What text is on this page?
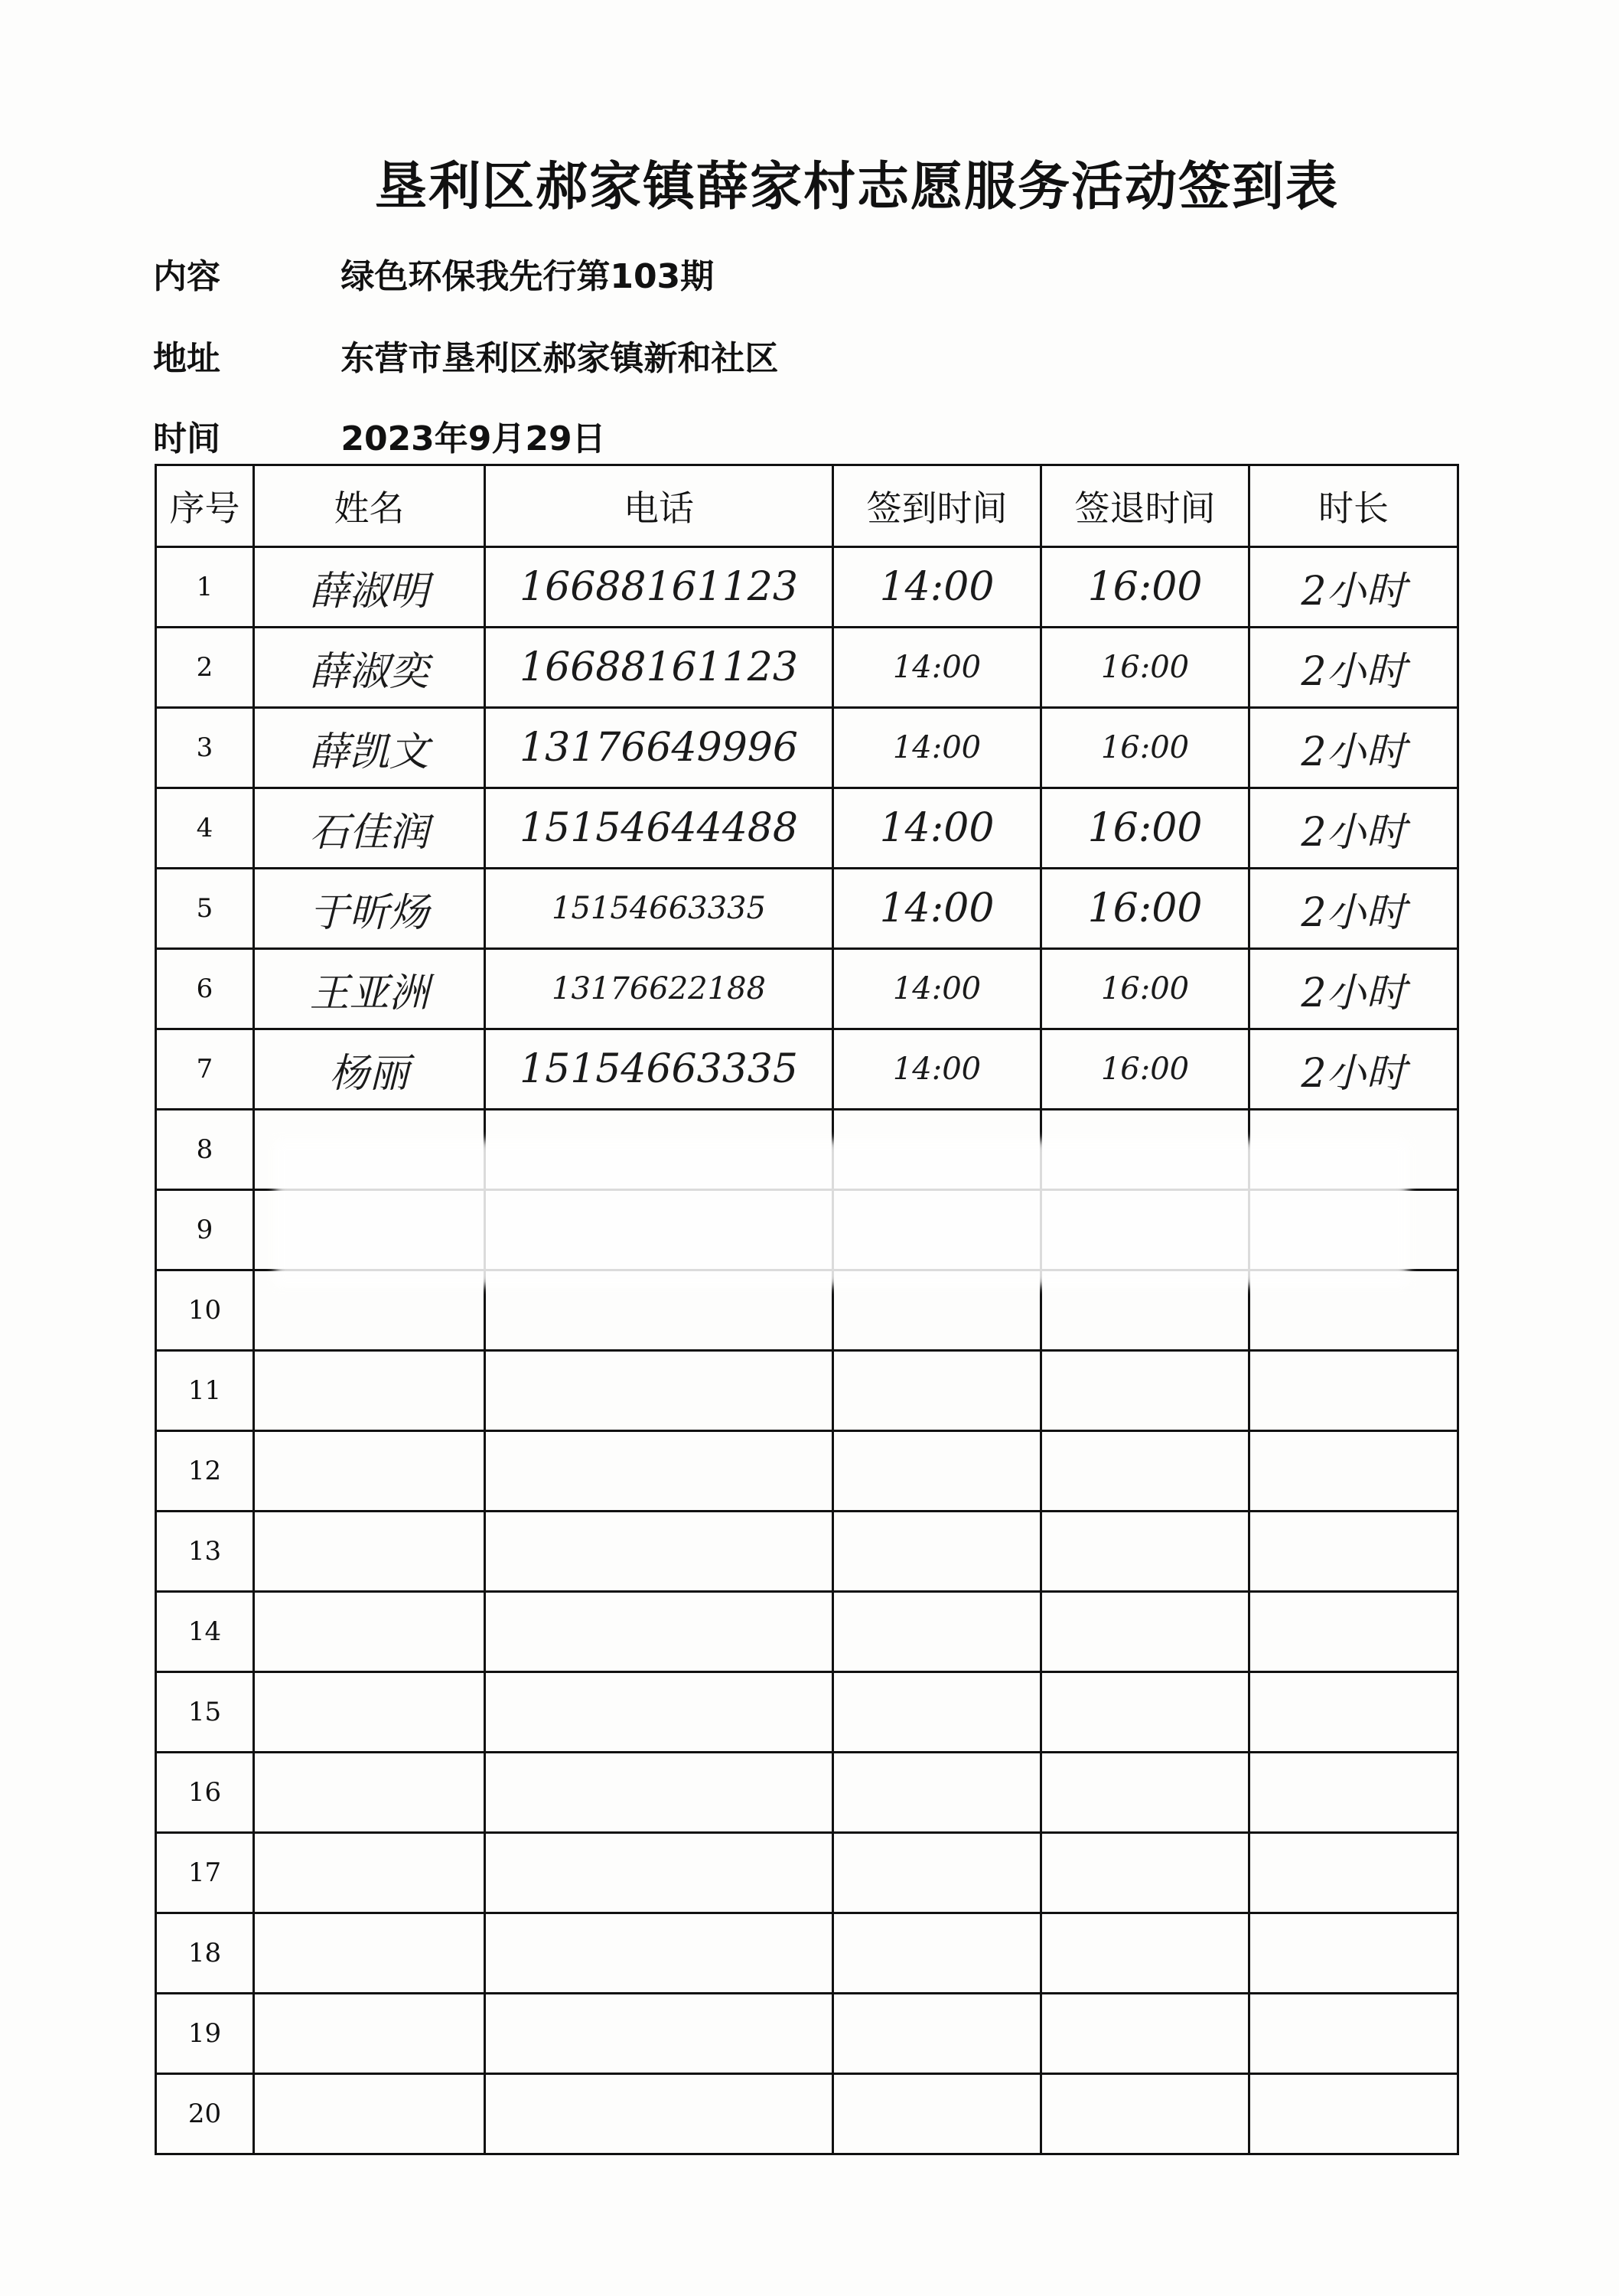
垦利区郝家镇薛家村志愿服务活动签到表
内容	绿色环保我先行第103期
地址	东营市垦利区郝家镇新和社区
时间	2023年9月29日
序号	姓名	电话	签到时间	签退时间	时长
1	薛淑明	16688161123	14:00	16:00	2小时
2	薛淑奕	16688161123	14:00	16:00	2小时
3	薛凯文	13176649996	14:00	16:00	2小时
4	石佳润	15154644488	14:00	16:00	2小时
5	于昕炀	15154663335	14:00	16:00	2小时
6	王亚洲	13176622188	14:00	16:00	2小时
7	杨丽	15154663335	14:00	16:00	2小时
8					
9					
10					
11					
12					
13					
14					
15					
16					
17					
18					
19					
20					
